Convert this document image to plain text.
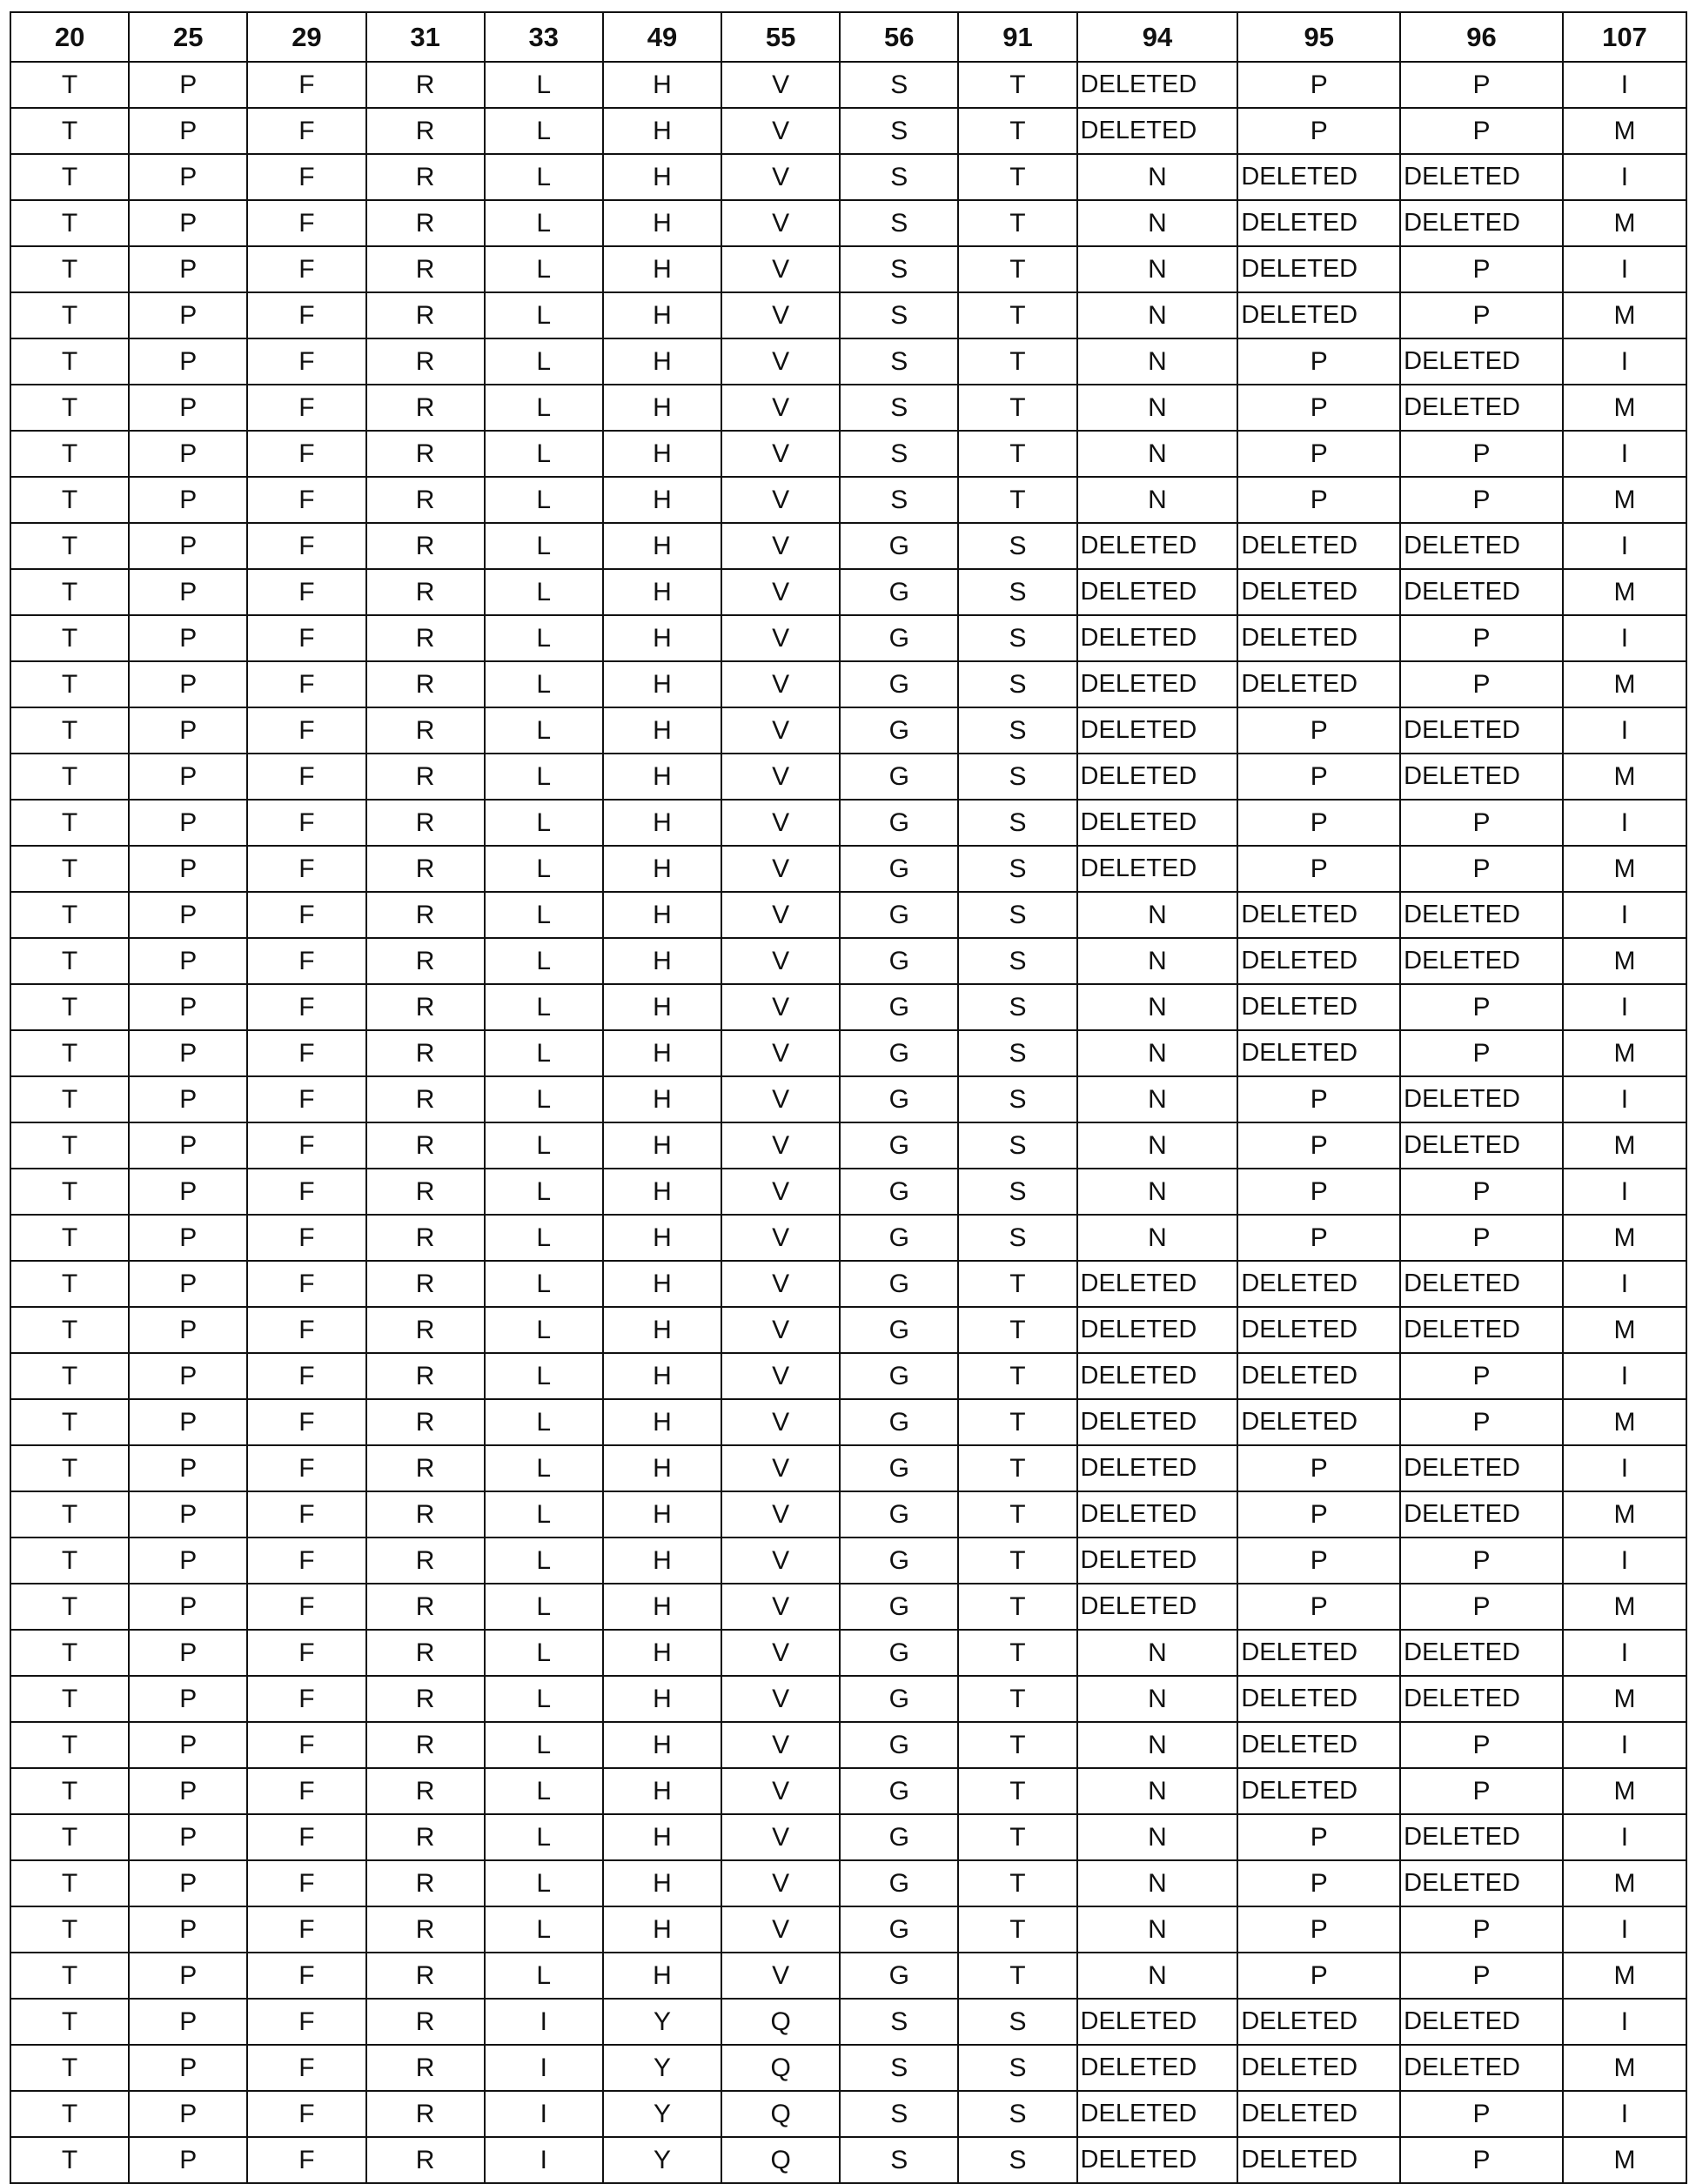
20	25	29	31	33	49	55	56	91	94	95	96	107
T	P	F	R	L	H	V	S	T	DELETED	P	P	I
T	P	F	R	L	H	V	S	T	DELETED	P	P	M
T	P	F	R	L	H	V	S	T	N	DELETED	DELETED	I
T	P	F	R	L	H	V	S	T	N	DELETED	DELETED	M
T	P	F	R	L	H	V	S	T	N	DELETED	P	I
T	P	F	R	L	H	V	S	T	N	DELETED	P	M
T	P	F	R	L	H	V	S	T	N	P	DELETED	I
T	P	F	R	L	H	V	S	T	N	P	DELETED	M
T	P	F	R	L	H	V	S	T	N	P	P	I
T	P	F	R	L	H	V	S	T	N	P	P	M
T	P	F	R	L	H	V	G	S	DELETED	DELETED	DELETED	I
T	P	F	R	L	H	V	G	S	DELETED	DELETED	DELETED	M
T	P	F	R	L	H	V	G	S	DELETED	DELETED	P	I
T	P	F	R	L	H	V	G	S	DELETED	DELETED	P	M
T	P	F	R	L	H	V	G	S	DELETED	P	DELETED	I
T	P	F	R	L	H	V	G	S	DELETED	P	DELETED	M
T	P	F	R	L	H	V	G	S	DELETED	P	P	I
T	P	F	R	L	H	V	G	S	DELETED	P	P	M
T	P	F	R	L	H	V	G	S	N	DELETED	DELETED	I
T	P	F	R	L	H	V	G	S	N	DELETED	DELETED	M
T	P	F	R	L	H	V	G	S	N	DELETED	P	I
T	P	F	R	L	H	V	G	S	N	DELETED	P	M
T	P	F	R	L	H	V	G	S	N	P	DELETED	I
T	P	F	R	L	H	V	G	S	N	P	DELETED	M
T	P	F	R	L	H	V	G	S	N	P	P	I
T	P	F	R	L	H	V	G	S	N	P	P	M
T	P	F	R	L	H	V	G	T	DELETED	DELETED	DELETED	I
T	P	F	R	L	H	V	G	T	DELETED	DELETED	DELETED	M
T	P	F	R	L	H	V	G	T	DELETED	DELETED	P	I
T	P	F	R	L	H	V	G	T	DELETED	DELETED	P	M
T	P	F	R	L	H	V	G	T	DELETED	P	DELETED	I
T	P	F	R	L	H	V	G	T	DELETED	P	DELETED	M
T	P	F	R	L	H	V	G	T	DELETED	P	P	I
T	P	F	R	L	H	V	G	T	DELETED	P	P	M
T	P	F	R	L	H	V	G	T	N	DELETED	DELETED	I
T	P	F	R	L	H	V	G	T	N	DELETED	DELETED	M
T	P	F	R	L	H	V	G	T	N	DELETED	P	I
T	P	F	R	L	H	V	G	T	N	DELETED	P	M
T	P	F	R	L	H	V	G	T	N	P	DELETED	I
T	P	F	R	L	H	V	G	T	N	P	DELETED	M
T	P	F	R	L	H	V	G	T	N	P	P	I
T	P	F	R	L	H	V	G	T	N	P	P	M
T	P	F	R	I	Y	Q	S	S	DELETED	DELETED	DELETED	I
T	P	F	R	I	Y	Q	S	S	DELETED	DELETED	DELETED	M
T	P	F	R	I	Y	Q	S	S	DELETED	DELETED	P	I
T	P	F	R	I	Y	Q	S	S	DELETED	DELETED	P	M
